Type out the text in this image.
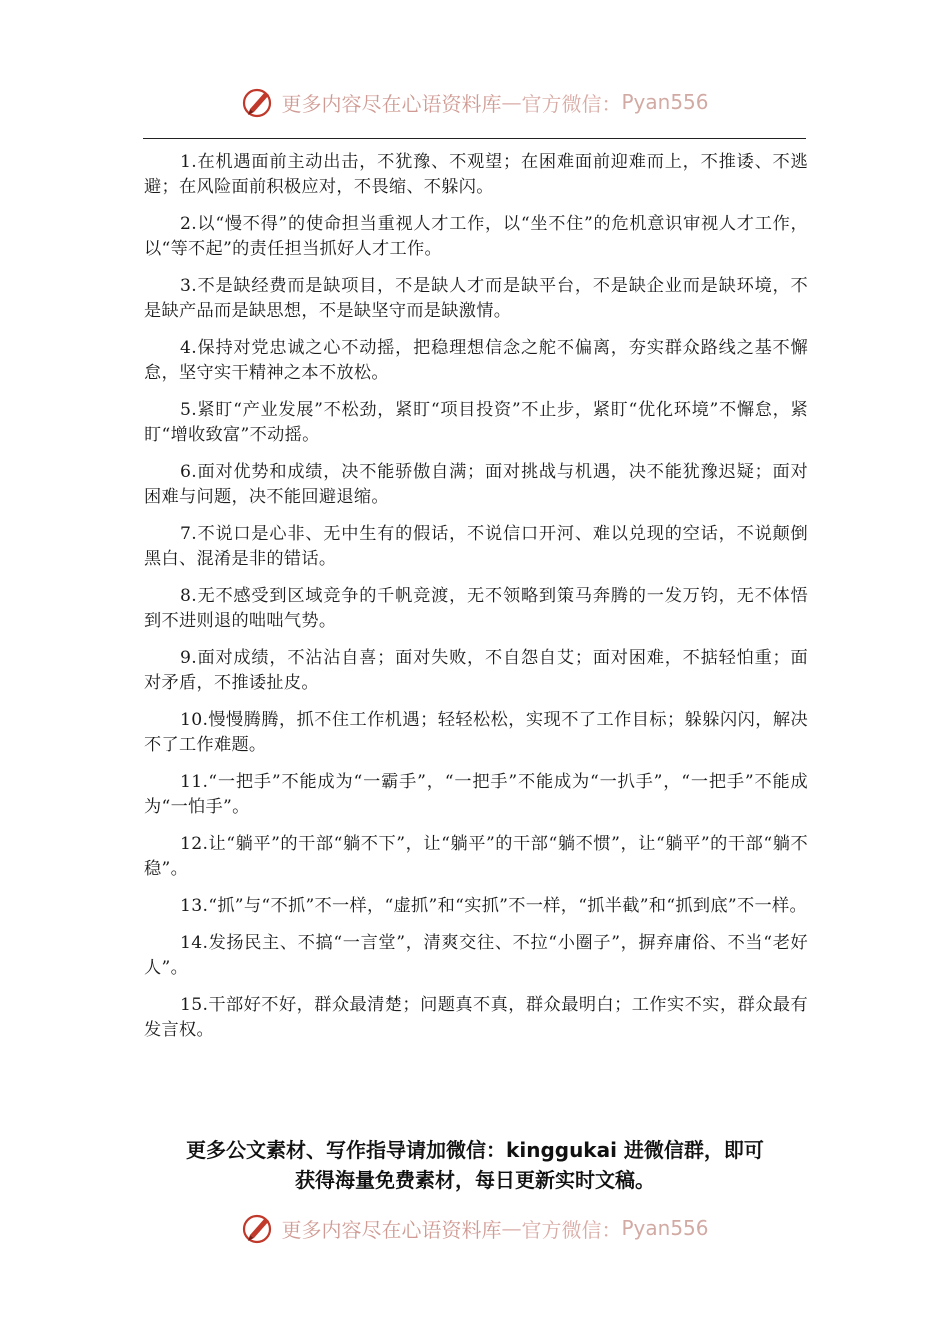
更多内容尽在心语资料库 — 官方微信： Pyan556

1.在机遇面前主动出击，不犹豫、不观望；在困难面前迎难而上，不推诿、不逃避；在风险面前积极应对，不畏缩、不躲闪。

2.以“慢不得”的使命担当重视人才工作，以“坐不住”的危机意识审视人才工作，以“等不起”的责任担当抓好人才工作。

3.不是缺经费而是缺项目，不是缺人才而是缺平台，不是缺企业而是缺环境，不是缺产品而是缺思想，不是缺坚守而是缺激情。

4.保持对党忠诚之心不动摇，把稳理想信念之舵不偏离，夯实群众路线之基不懈怠，坚守实干精神之本不放松。

5.紧盯“产业发展”不松劲，紧盯“项目投资”不止步，紧盯“优化环境”不懈怠，紧盯“增收致富”不动摇。

6.面对优势和成绩，决不能骄傲自满；面对挑战与机遇，决不能犹豫迟疑；面对困难与问题，决不能回避退缩。

7.不说口是心非、无中生有的假话，不说信口开河、难以兑现的空话，不说颠倒黑白、混淆是非的错话。

8.无不感受到区域竞争的千帆竞渡，无不领略到策马奔腾的一发万钧，无不体悟到不进则退的咄咄气势。

9.面对成绩，不沾沾自喜；面对失败，不自怨自艾；面对困难，不掂轻怕重；面对矛盾，不推诿扯皮。

10.慢慢腾腾，抓不住工作机遇；轻轻松松，实现不了工作目标；躲躲闪闪，解决不了工作难题。

11.“一把手”不能成为“一霸手”，“一把手”不能成为“一扒手”，“一把手”不能成为“一怕手”。

12.让“躺平”的干部“躺不下”，让“躺平”的干部“躺不惯”，让“躺平”的干部“躺不稳”。

13.“抓”与“不抓”不一样，“虚抓”和“实抓”不一样，“抓半截”和“抓到底”不一样。

14.发扬民主、不搞“一言堂”，清爽交往、不拉“小圈子”，摒弃庸俗、不当“老好人”。

15.干部好不好，群众最清楚；问题真不真，群众最明白；工作实不实，群众最有发言权。

更多公文素材、写作指导请加微信：kinggukai 进微信群，即可

获得海量免费素材，每日更新实时文稿。

更多内容尽在心语资料库 — 官方微信： Pyan556
